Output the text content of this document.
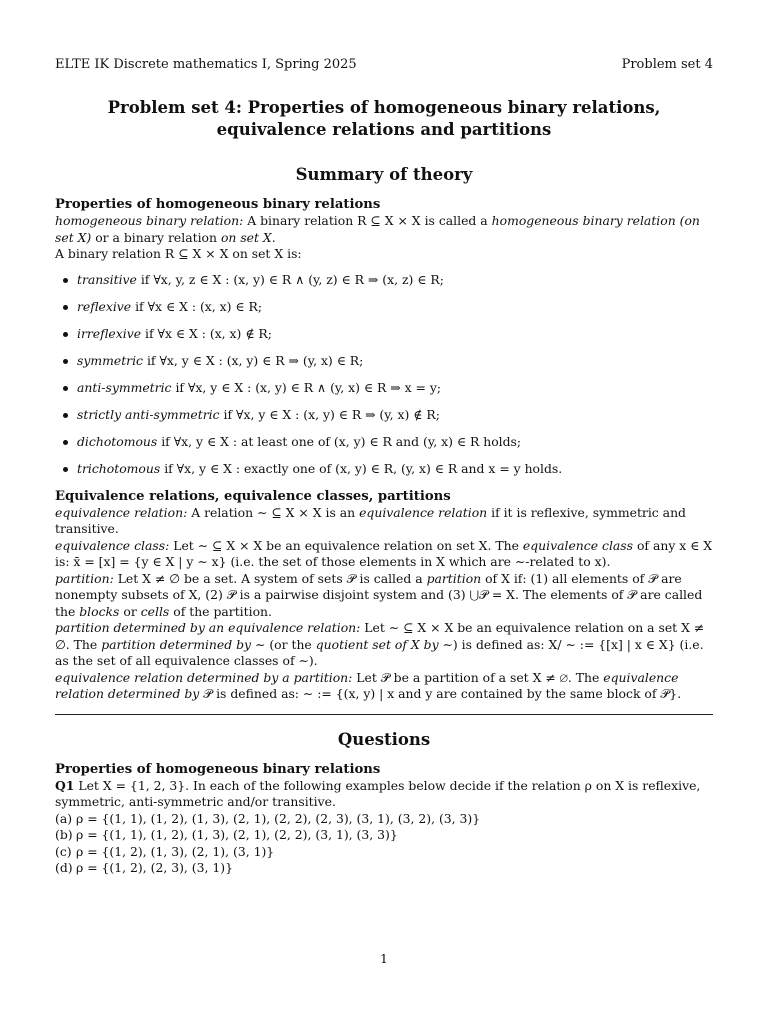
ELTE IK Discrete mathematics I, Spring 2025	Problem set 4
Problem set 4: Properties of homogeneous binary relations, equivalence relations and partitions
Summary of theory
Properties of homogeneous binary relations

homogeneous binary relation: A binary relation R ⊆ X × X is called a homogeneous binary relation (on set X) or a binary relation on set X.

A binary relation R ⊆ X × X on set X is:

transitive if ∀x, y, z ∈ X : (x, y) ∈ R ∧ (y, z) ∈ R ⇒ (x, z) ∈ R;
reflexive if ∀x ∈ X : (x, x) ∈ R;
irreflexive if ∀x ∈ X : (x, x) ∉ R;
symmetric if ∀x, y ∈ X : (x, y) ∈ R ⇒ (y, x) ∈ R;
anti-symmetric if ∀x, y ∈ X : (x, y) ∈ R ∧ (y, x) ∈ R ⇒ x = y;
strictly anti-symmetric if ∀x, y ∈ X : (x, y) ∈ R ⇒ (y, x) ∉ R;
dichotomous if ∀x, y ∈ X : at least one of (x, y) ∈ R and (y, x) ∈ R holds;
trichotomous if ∀x, y ∈ X : exactly one of (x, y) ∈ R, (y, x) ∈ R and x = y holds.
Equivalence relations, equivalence classes, partitions

equivalence relation: A relation ∼ ⊆ X × X is an equivalence relation if it is reflexive, symmetric and transitive.

equivalence class: Let ∼ ⊆ X × X be an equivalence relation on set X. The equivalence class of any x ∈ X is: x̄ = [x] = {y ∈ X | y ∼ x} (i.e. the set of those elements in X which are ∼-related to x).

partition: Let X ≠ ∅ be a set. A system of sets 𝒫 is called a partition of X if: (1) all elements of 𝒫 are nonempty subsets of X, (2) 𝒫 is a pairwise disjoint system and (3) ⋃𝒫 = X. The elements of 𝒫 are called the blocks or cells of the partition.

partition determined by an equivalence relation: Let ∼ ⊆ X × X be an equivalence relation on a set X ≠ ∅. The partition determined by ∼ (or the quotient set of X by ∼) is defined as: X/ ∼ := {[x] | x ∈ X} (i.e. as the set of all equivalence classes of ∼).

equivalence relation determined by a partition: Let 𝒫 be a partition of a set X ≠ ∅. The equivalence relation determined by 𝒫 is defined as: ∼ := {(x, y) | x and y are contained by the same block of 𝒫}.

Questions
Properties of homogeneous binary relations

Q1 Let X = {1, 2, 3}. In each of the following examples below decide if the relation ρ on X is reflexive, symmetric, anti-symmetric and/or transitive.

(a) ρ = {(1, 1), (1, 2), (1, 3), (2, 1), (2, 2), (2, 3), (3, 1), (3, 2), (3, 3)}
(b) ρ = {(1, 1), (1, 2), (1, 3), (2, 1), (2, 2), (3, 1), (3, 3)}
(c) ρ = {(1, 2), (1, 3), (2, 1), (3, 1)}
(d) ρ = {(1, 2), (2, 3), (3, 1)}
1
